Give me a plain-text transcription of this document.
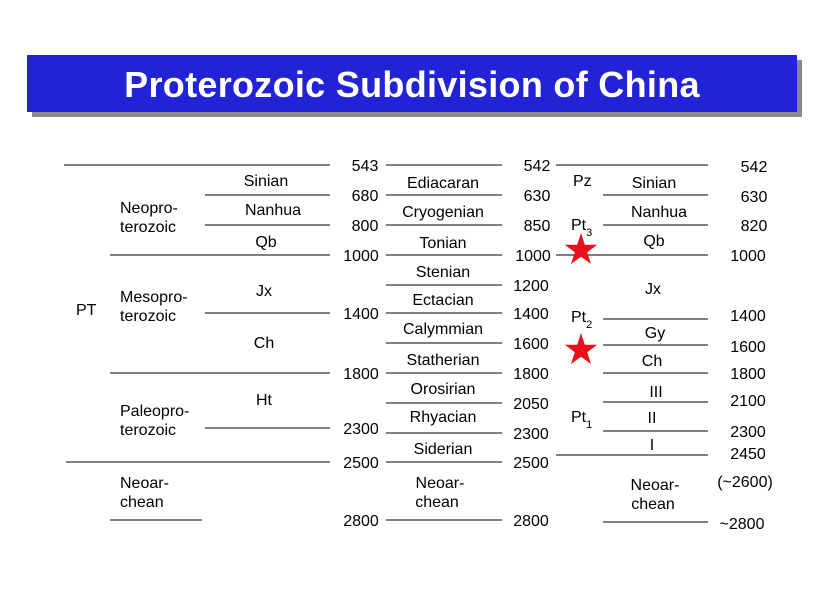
Proterozoic Subdivision of China
PT
Neopro-
terozoic
Mesopro-
terozoic
Paleopro-
terozoic
Neoar-
chean
Sinian
Nanhua
Qb
Jx
Ch
Ht
543
680
800
1000
1400
1800
2300
2500
2800
Ediacaran
Cryogenian
Tonian
Stenian
Ectacian
Calymmian
Statherian
Orosirian
Rhyacian
Siderian
Neoar-
chean
542
630
850
1000
1200
1400
1600
1800
2050
2300
2500
2800
Pz
$Pt_3$
$Pt_2$
$Pt_1$
Sinian
Nanhua
Qb
Jx
Gy
Ch
III
II
I
Neoar-
chean
542
630
820
1000
1400
1600
1800
2100
2300
2450
(~2600)
~2800
